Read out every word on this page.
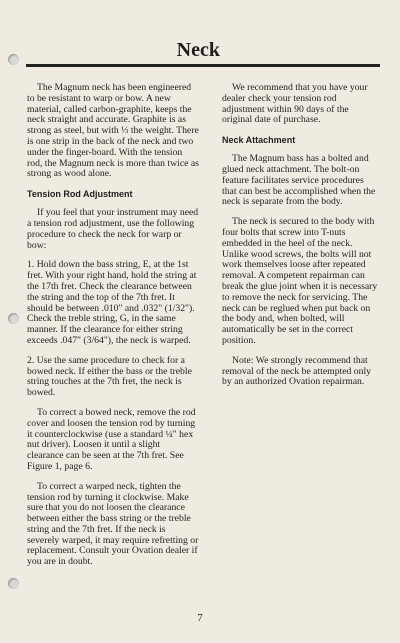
Neck

The Magnum neck has been engineered to be resistant to warp or bow. A new material, called carbon-graphite, keeps the neck straight and accurate. Graphite is as strong as steel, but with ⅓ the weight. There is one strip in the back of the neck and two under the finger-board. With the tension rod, the Magnum neck is more than twice as strong as wood alone.

Tension Rod Adjustment

If you feel that your instrument may need a tension rod adjustment, use the following procedure to check the neck for warp or bow:

1. Hold down the bass string, E, at the 1st fret. With your right hand, hold the string at the 17th fret. Check the clearance between the string and the top of the 7th fret. It should be between .010" and .032" (1/32"). Check the treble string, G, in the same manner. If the clearance for either string exceeds .047" (3/64"), the neck is warped.

2. Use the same procedure to check for a bowed neck. If either the bass or the treble string touches at the 7th fret, the neck is bowed.

To correct a bowed neck, remove the rod cover and loosen the tension rod by turning it counterclockwise (use a standard ¼" hex nut driver). Loosen it until a slight clearance can be seen at the 7th fret. See Figure 1, page 6.

To correct a warped neck, tighten the tension rod by turning it clockwise. Make sure that you do not loosen the clearance between either the bass string or the treble string and the 7th fret. If the neck is severely warped, it may require refretting or replacement. Consult your Ovation dealer if you are in doubt.

We recommend that you have your dealer check your tension rod adjustment within 90 days of the original date of purchase.

Neck Attachment

The Magnum bass has a bolted and glued neck attachment. The bolt-on feature facilitates service procedures that can best be accomplished when the neck is separate from the body.

The neck is secured to the body with four bolts that screw into T-nuts embedded in the heel of the neck. Unlike wood screws, the bolts will not work themselves loose after repeated removal. A competent repairman can break the glue joint when it is necessary to remove the neck for servicing. The neck can be reglued when put back on the body and, when bolted, will automatically be set in the correct position.

Note: We strongly recommend that removal of the neck be attempted only by an authorized Ovation repairman.

7
